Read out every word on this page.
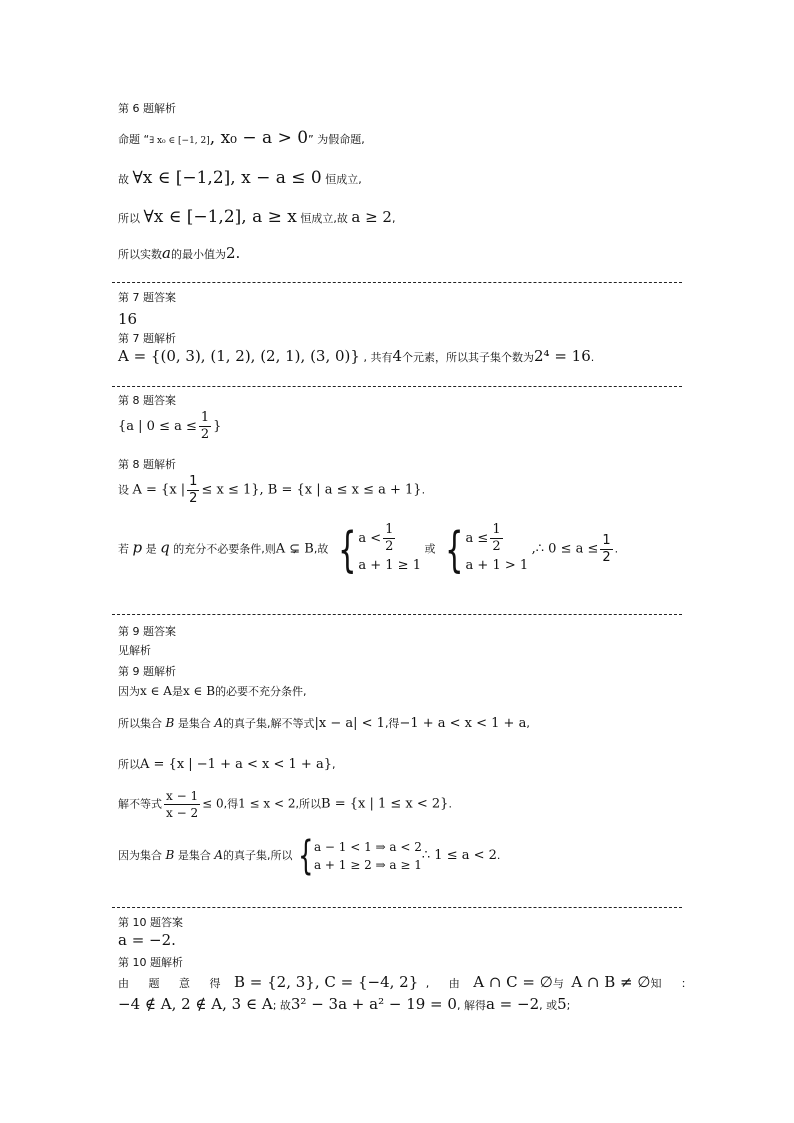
第 6 题解析
命题 “∃ x₀ ∈ [−1, 2], x₀ − a > 0” 为假命题,
故 ∀x ∈ [−1,2], x − a ≤ 0 恒成立,
所以 ∀x ∈ [−1,2], a ≥ x 恒成立,故 a ≥ 2,
所以实数a的最小值为2.
第 7 题答案
16
第 7 题解析
A = {(0, 3), (1, 2), (2, 1), (3, 0)} , 共有4个元素，所以其子集个数为2⁴ = 16.
第 8 题答案
{a | $0 \le a \le \frac{1}{2}$ }
第 8 题解析
设 A = {x | $\frac{1}{2} \le x \le 1$}, B = {x | a ≤ x ≤ a + 1}.
若 p 是 q 的充分不必要条件,则A ⊊ B,故 { $a < \frac{1}{2}$
a + 1 ≥ 1
或 { $a \le \frac{1}{2}$
a + 1 > 1
,∴ $0 \le a \le \frac{1}{2}$ .
第 9 题答案
见解析
第 9 题解析
因为x ∈ A是x ∈ B的必要不充分条件,
所以集合 B 是集合 A的真子集,解不等式|x − a| < 1,得−1 + a < x < 1 + a,
所以A = {x | −1 + a < x < 1 + a},
解不等式 $\frac{x - 1}{x - 2} \le 0$,得1 ≤ x < 2,所以B = {x | 1 ≤ x < 2}.
因为集合 B 是集合 A的真子集,所以 { a − 1 < 1 ⇒ a < 2
a + 1 ≥ 2 ⇒ a ≥ 1
∴ 1 ≤ a < 2.
第 10 题答案
a = −2.
第 10 题解析
由 题 意 得 B = {2, 3}, C = {−4, 2} , 由 A ∩ C = ∅与 A ∩ B ≠ ∅知 ：
−4 ∉ A, 2 ∉ A, 3 ∈ A; 故3² − 3a + a² − 19 = 0, 解得a = −2, 或5;
